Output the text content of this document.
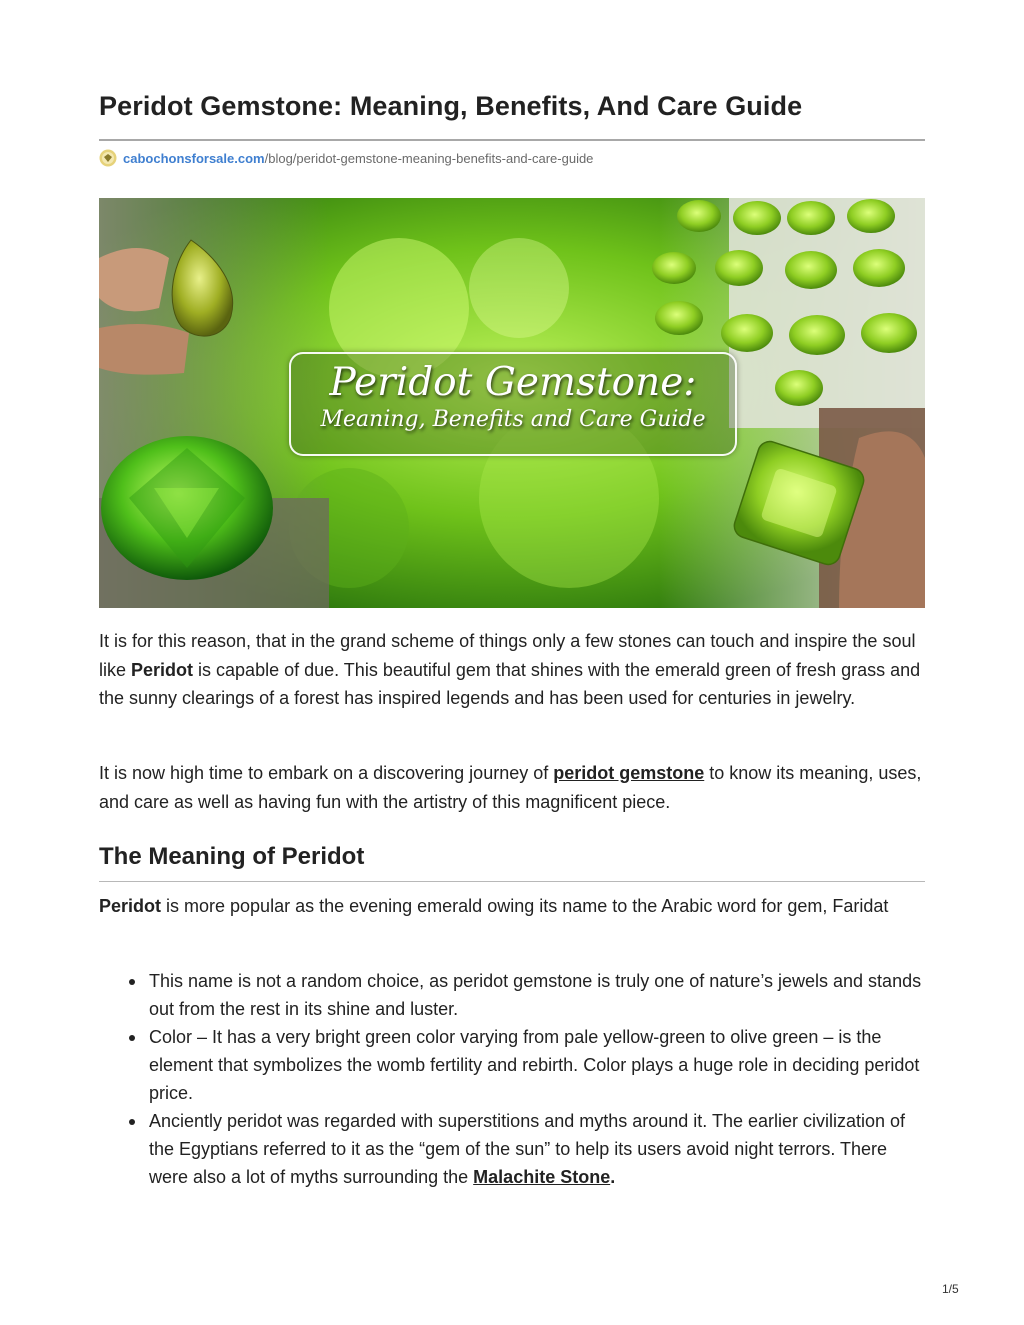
Peridot Gemstone: Meaning, Benefits, And Care Guide
cabochonsforsale.com /blog/peridot-gemstone-meaning-benefits-and-care-guide
Peridot Gemstone:
Meaning, Benefits and Care Guide

It is for this reason, that in the grand scheme of things only a few stones can touch and inspire the soul like Peridot is capable of due. This beautiful gem that shines with the emerald green of fresh grass and the sunny clearings of a forest has inspired legends and has been used for centuries in jewelry.

It is now high time to embark on a discovering journey of peridot gemstone to know its meaning, uses, and care as well as having fun with the artistry of this magnificent piece.

The Meaning of Peridot

Peridot is more popular as the evening emerald owing its name to the Arabic word for gem, Faridat

This name is not a random choice, as peridot gemstone is truly one of nature’s jewels and stands out from the rest in its shine and luster.
Color – It has a very bright green color varying from pale yellow-green to olive green – is the element that symbolizes the womb fertility and rebirth. Color plays a huge role in deciding peridot price.
Anciently peridot was regarded with superstitions and myths around it. The earlier civilization of the Egyptians referred to it as the “gem of the sun” to help its users avoid night terrors. There were also a lot of myths surrounding the Malachite Stone.
1/5
